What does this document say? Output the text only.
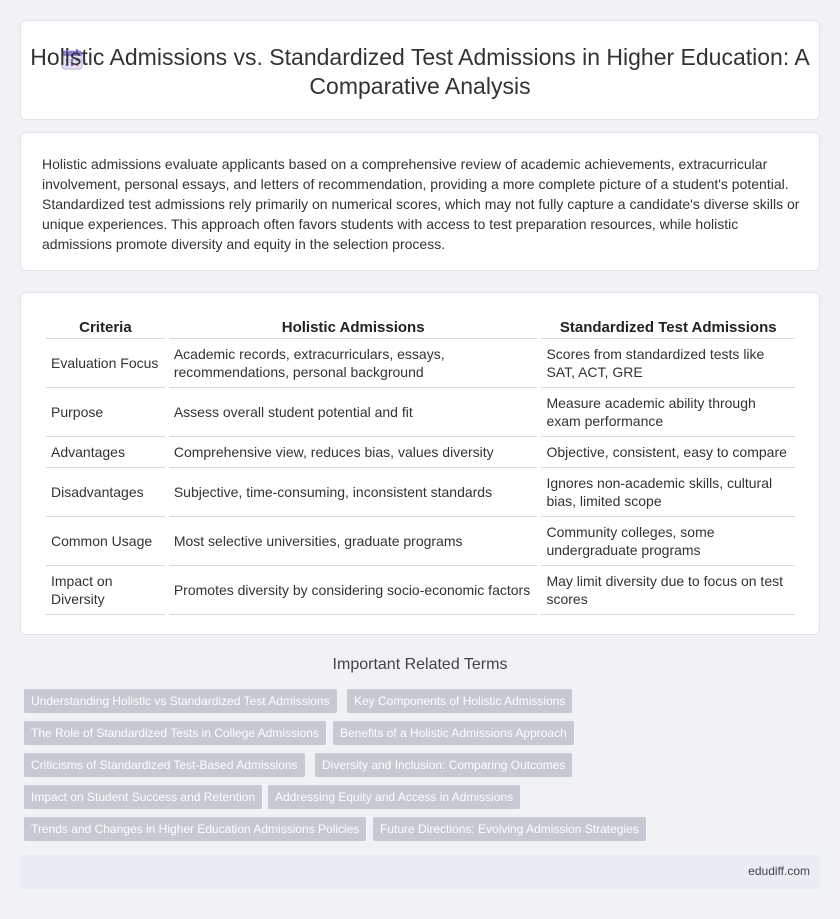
Holistic Admissions vs. Standardized Test Admissions in Higher Education: A Comparative Analysis

Holistic admissions evaluate applicants based on a comprehensive review of academic achievements, extracurricular involvement, personal essays, and letters of recommendation, providing a more complete picture of a student's potential. Standardized test admissions rely primarily on numerical scores, which may not fully capture a candidate's diverse skills or unique experiences. This approach often favors students with access to test preparation resources, while holistic admissions promote diversity and equity in the selection process.

Criteria	Holistic Admissions	Standardized Test Admissions
Evaluation Focus	Academic records, extracurriculars, essays, recommendations, personal background	Scores from standardized tests like SAT, ACT, GRE
Purpose	Assess overall student potential and fit	Measure academic ability through exam performance
Advantages	Comprehensive view, reduces bias, values diversity	Objective, consistent, easy to compare
Disadvantages	Subjective, time-consuming, inconsistent standards	Ignores non-academic skills, cultural bias, limited scope
Common Usage	Most selective universities, graduate programs	Community colleges, some undergraduate programs
Impact on Diversity	Promotes diversity by considering socio-economic factors	May limit diversity due to focus on test scores
Important Related Terms
Understanding Holistic vs Standardized Test Admissions	Key Components of Holistic Admissions
The Role of Standardized Tests in College Admissions	Benefits of a Holistic Admissions Approach
Criticisms of Standardized Test-Based Admissions	Diversity and Inclusion: Comparing Outcomes
Impact on Student Success and Retention	Addressing Equity and Access in Admissions
Trends and Changes in Higher Education Admissions Policies	Future Directions: Evolving Admission Strategies
edudiff.com
